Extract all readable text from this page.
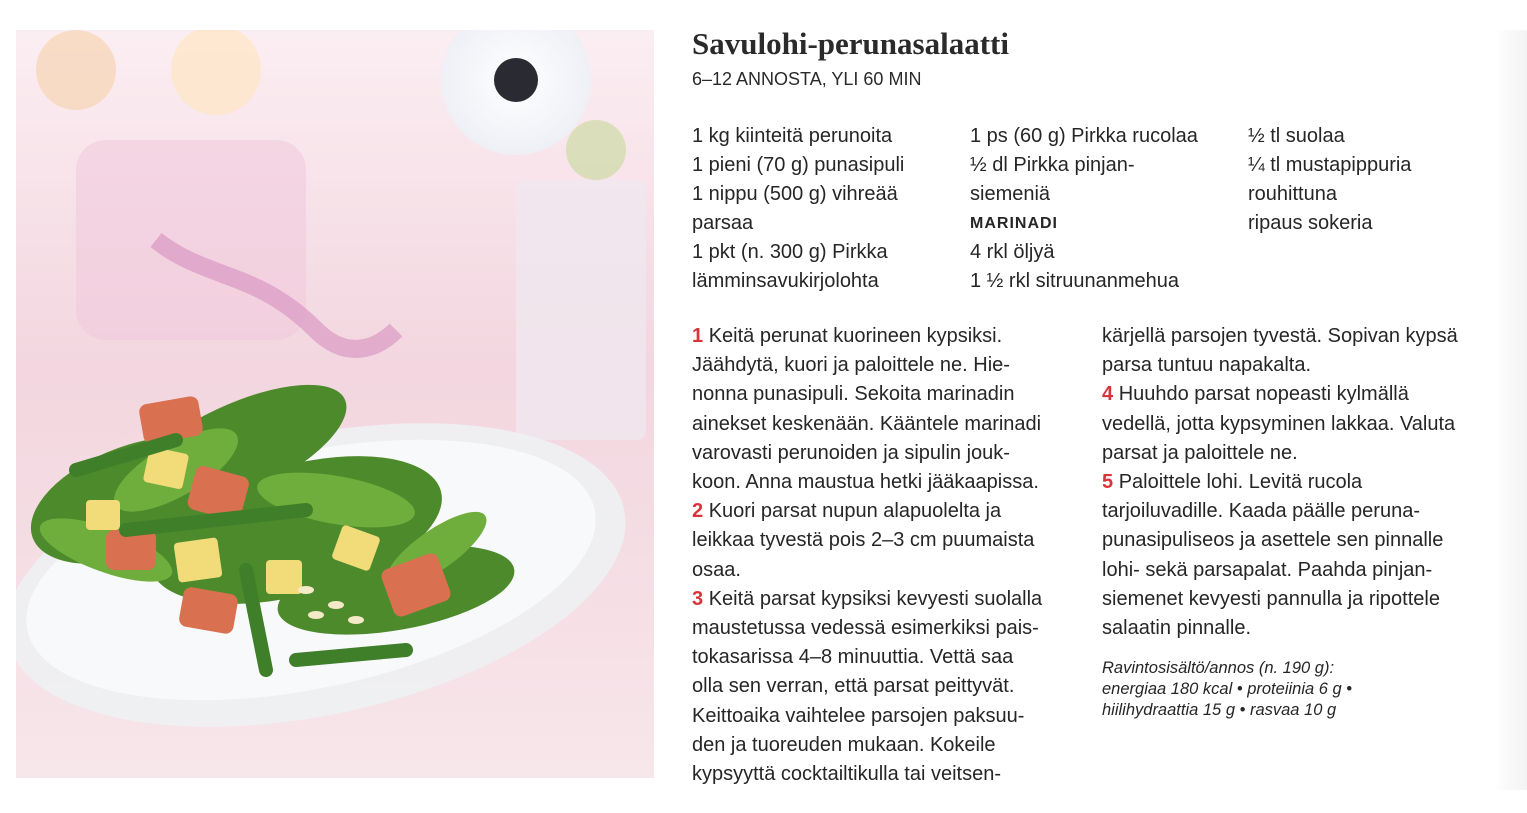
Savulohi-perunasalaatti
6–12 ANNOSTA, YLI 60 MIN
1 kg kiinteitä perunoita
1 pieni (70 g) punasipuli
1 nippu (500 g) vihreää
parsaa
1 pkt (n. 300 g) Pirkka
lämminsavukirjolohta
1 ps (60 g) Pirkka rucolaa
½ dl Pirkka pinjan-
siemeniä
MARINADI
4 rkl öljyä
1 ½ rkl sitruunanmehua
½ tl suolaa
¼ tl mustapippuria
rouhittuna
ripaus sokeria
1 Keitä perunat kuorineen kypsiksi.
Jäähdytä, kuori ja paloittele ne. Hie-
nonna punasipuli. Sekoita marinadin
ainekset keskenään. Kääntele marinadi
varovasti perunoiden ja sipulin jouk-
koon. Anna maustua hetki jääkaapissa.
2 Kuori parsat nupun alapuolelta ja
leikkaa tyvestä pois 2–3 cm puumaista
osaa.
3 Keitä parsat kypsiksi kevyesti suolalla
maustetussa vedessä esimerkiksi pais-
tokasarissa 4–8 minuuttia. Vettä saa
olla sen verran, että parsat peittyvät.
Keittoaika vaihtelee parsojen paksuu-
den ja tuoreuden mukaan. Kokeile
kypsyyttä cocktailtikulla tai veitsen-
kärjellä parsojen tyvestä. Sopivan kypsä
parsa tuntuu napakalta.
4 Huuhdo parsat nopeasti kylmällä
vedellä, jotta kypsyminen lakkaa. Valuta
parsat ja paloittele ne.
5 Paloittele lohi. Levitä rucola
tarjoiluvadille. Kaada päälle peruna-
punasipuliseos ja asettele sen pinnalle
lohi- sekä parsapalat. Paahda pinjan-
siemenet kevyesti pannulla ja ripottele
salaatin pinnalle.
Ravintosisältö/annos (n. 190 g):
energiaa 180 kcal • proteiinia 6 g •
hiilihydraattia 15 g • rasvaa 10 g
